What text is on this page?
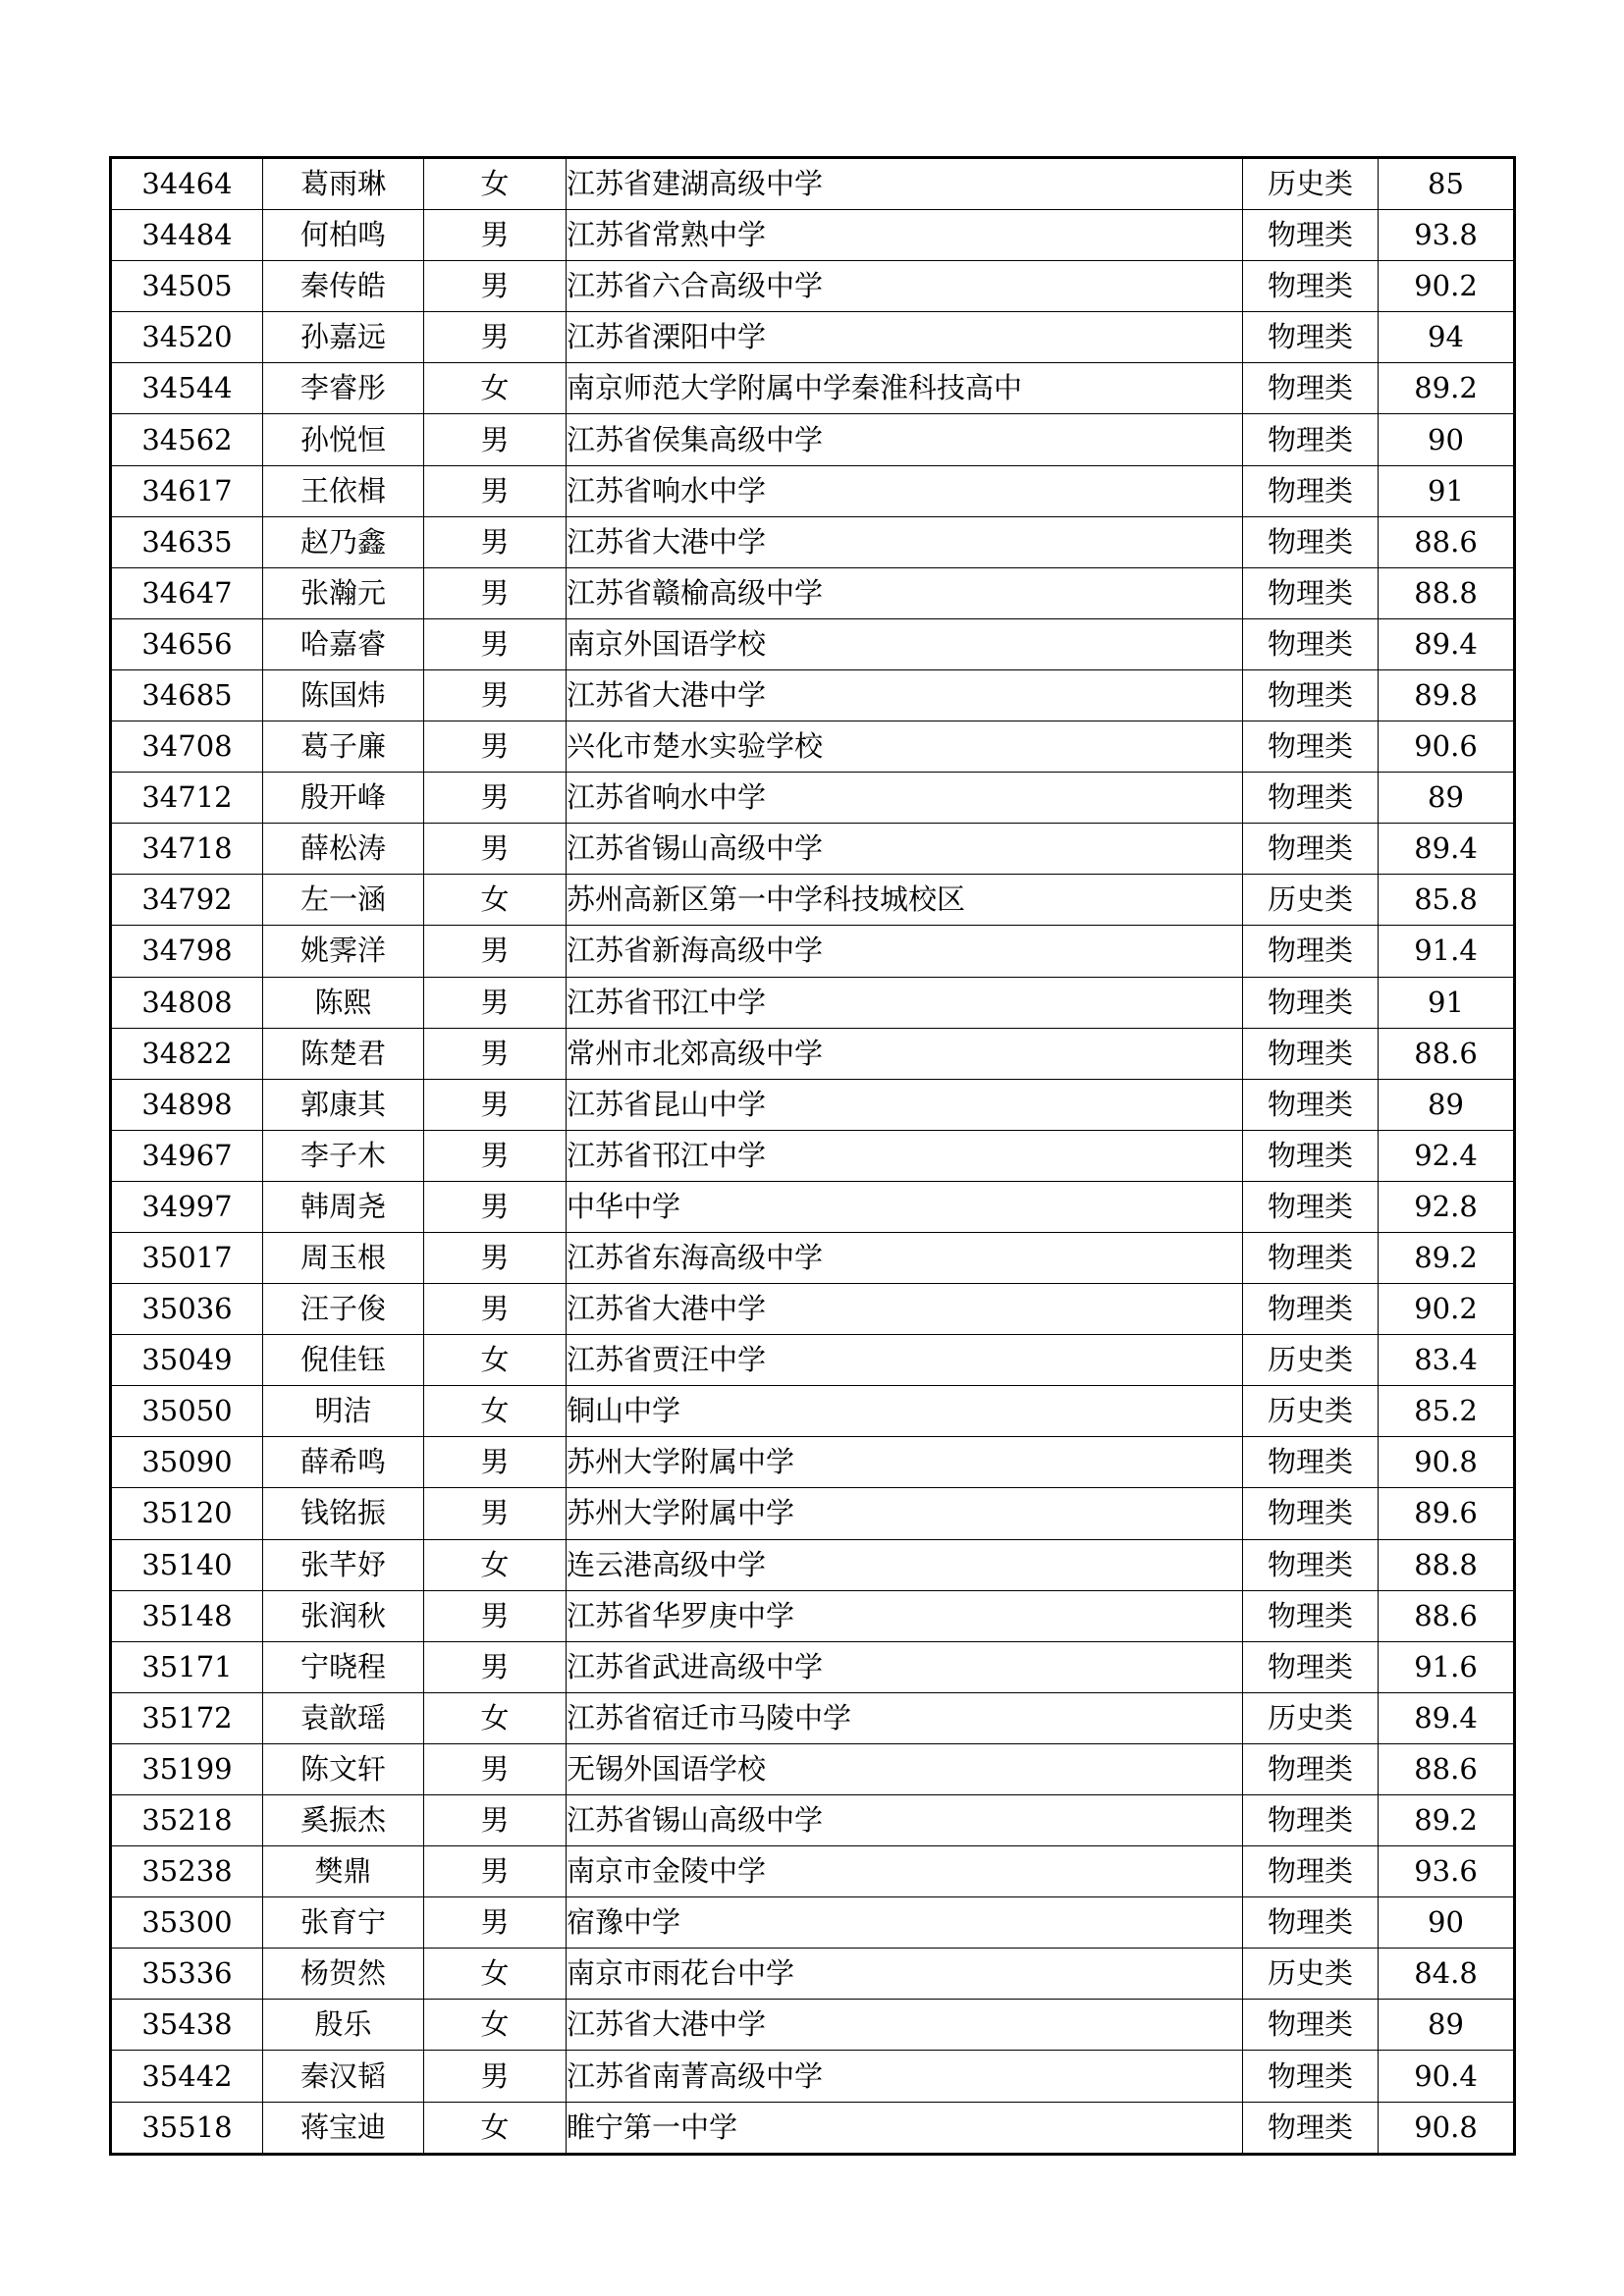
34464	葛雨琳	女	江苏省建湖高级中学	历史类	85
34484	何柏鸣	男	江苏省常熟中学	物理类	93.8
34505	秦传皓	男	江苏省六合高级中学	物理类	90.2
34520	孙嘉远	男	江苏省溧阳中学	物理类	94
34544	李睿彤	女	南京师范大学附属中学秦淮科技高中	物理类	89.2
34562	孙悦恒	男	江苏省侯集高级中学	物理类	90
34617	王依楫	男	江苏省响水中学	物理类	91
34635	赵乃鑫	男	江苏省大港中学	物理类	88.6
34647	张瀚元	男	江苏省赣榆高级中学	物理类	88.8
34656	哈嘉睿	男	南京外国语学校	物理类	89.4
34685	陈国炜	男	江苏省大港中学	物理类	89.8
34708	葛子廉	男	兴化市楚水实验学校	物理类	90.6
34712	殷开峰	男	江苏省响水中学	物理类	89
34718	薛松涛	男	江苏省锡山高级中学	物理类	89.4
34792	左一涵	女	苏州高新区第一中学科技城校区	历史类	85.8
34798	姚霁洋	男	江苏省新海高级中学	物理类	91.4
34808	陈熙	男	江苏省邗江中学	物理类	91
34822	陈楚君	男	常州市北郊高级中学	物理类	88.6
34898	郭康其	男	江苏省昆山中学	物理类	89
34967	李子木	男	江苏省邗江中学	物理类	92.4
34997	韩周尧	男	中华中学	物理类	92.8
35017	周玉根	男	江苏省东海高级中学	物理类	89.2
35036	汪子俊	男	江苏省大港中学	物理类	90.2
35049	倪佳钰	女	江苏省贾汪中学	历史类	83.4
35050	明洁	女	铜山中学	历史类	85.2
35090	薛希鸣	男	苏州大学附属中学	物理类	90.8
35120	钱铭振	男	苏州大学附属中学	物理类	89.6
35140	张芊妤	女	连云港高级中学	物理类	88.8
35148	张润秋	男	江苏省华罗庚中学	物理类	88.6
35171	宁晓程	男	江苏省武进高级中学	物理类	91.6
35172	袁歆瑶	女	江苏省宿迁市马陵中学	历史类	89.4
35199	陈文轩	男	无锡外国语学校	物理类	88.6
35218	奚振杰	男	江苏省锡山高级中学	物理类	89.2
35238	樊鼎	男	南京市金陵中学	物理类	93.6
35300	张育宁	男	宿豫中学	物理类	90
35336	杨贺然	女	南京市雨花台中学	历史类	84.8
35438	殷乐	女	江苏省大港中学	物理类	89
35442	秦汉韬	男	江苏省南菁高级中学	物理类	90.4
35518	蒋宝迪	女	睢宁第一中学	物理类	90.8
